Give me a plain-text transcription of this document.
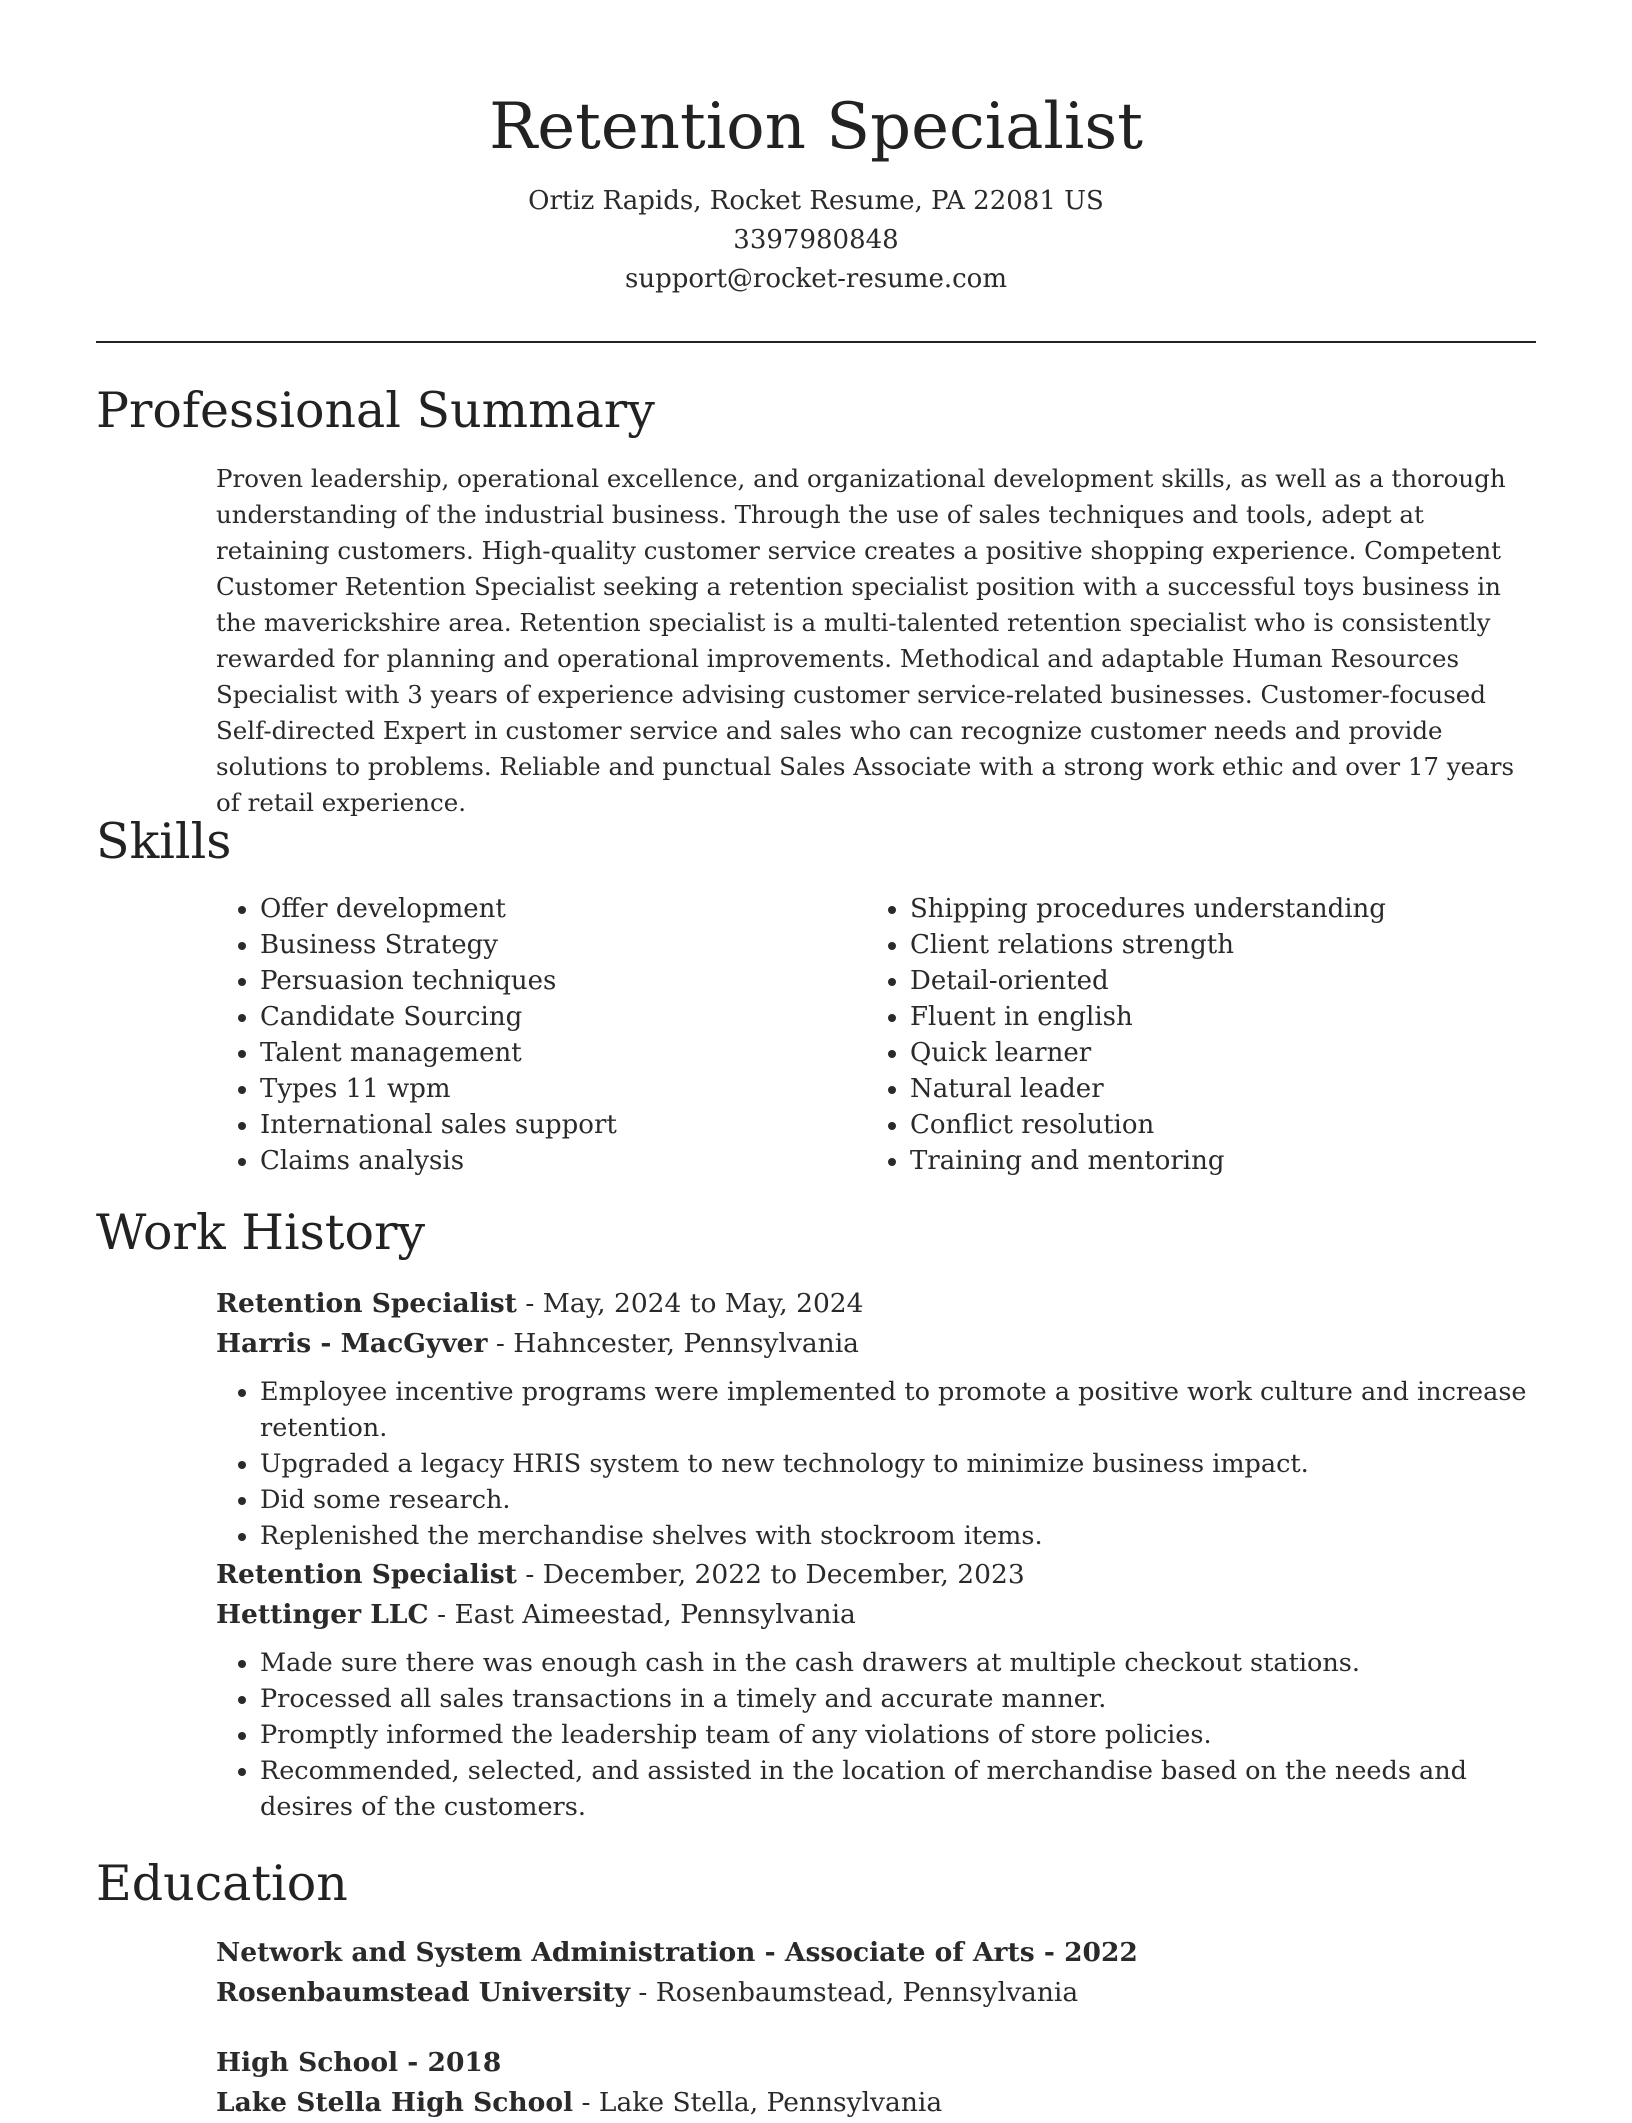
Retention Specialist
Ortiz Rapids, Rocket Resume, PA 22081 US
3397980848
support@rocket-resume.com
Professional Summary

Proven leadership, operational excellence, and organizational development skills, as well as a thorough understanding of the industrial business. Through the use of sales techniques and tools, adept at retaining customers. High-quality customer service creates a positive shopping experience. Competent Customer Retention Specialist seeking a retention specialist position with a successful toys business in the maverickshire area. Retention specialist is a multi-talented retention specialist who is consistently rewarded for planning and operational improvements. Methodical and adaptable Human Resources Specialist with 3 years of experience advising customer service-related businesses. Customer-focused Self-directed Expert in customer service and sales who can recognize customer needs and provide solutions to problems. Reliable and punctual Sales Associate with a strong work ethic and over 17 years of retail experience.

Skills
• Offer development
• Business Strategy
• Persuasion techniques
• Candidate Sourcing
• Talent management
• Types 11 wpm
• International sales support
• Claims analysis
• Shipping procedures understanding
• Client relations strength
• Detail-oriented
• Fluent in english
• Quick learner
• Natural leader
• Conflict resolution
• Training and mentoring
Work History
Retention Specialist - May, 2024 to May, 2024
Harris - MacGyver - Hahncester, Pennsylvania
• Employee incentive programs were implemented to promote a positive work culture and increase retention.
• Upgraded a legacy HRIS system to new technology to minimize business impact.
• Did some research.
• Replenished the merchandise shelves with stockroom items.
Retention Specialist - December, 2022 to December, 2023
Hettinger LLC - East Aimeestad, Pennsylvania
• Made sure there was enough cash in the cash drawers at multiple checkout stations.
• Processed all sales transactions in a timely and accurate manner.
• Promptly informed the leadership team of any violations of store policies.
• Recommended, selected, and assisted in the location of merchandise based on the needs and desires of the customers.
Education
Network and System Administration - Associate of Arts - 2022
Rosenbaumstead University - Rosenbaumstead, Pennsylvania
High School - 2018
Lake Stella High School - Lake Stella, Pennsylvania
